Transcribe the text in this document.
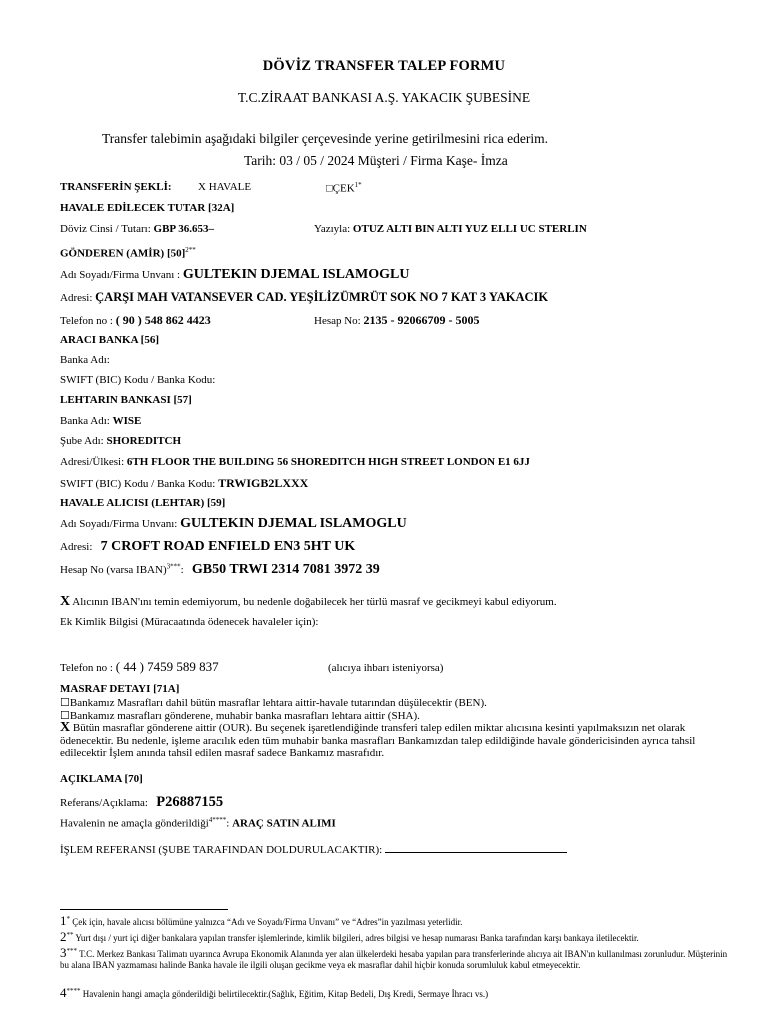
DÖVİZ TRANSFER TALEP FORMU
T.C.ZİRAAT BANKASI A.Ş. YAKACIK ŞUBESİNE
Transfer talebimin aşağıdaki bilgiler çerçevesinde yerine getirilmesini rica ederim.
Tarih: 03 / 05 / 2024 Müşteri / Firma Kaşe- İmza
TRANSFERİN ŞEKLİ: X HAVALE	$□ÇEK^{1*}$
HAVALE EDİLECEK TUTAR [32A]
Döviz Cinsi / Tutarı: GBP 36.653–	Yazıyla: OTUZ ALTI BIN ALTI YUZ ELLI UC STERLIN
GÖNDEREN (AMİR) $[50]^{2**}$
Adı Soyadı/Firma Unvanı : GULTEKIN DJEMAL ISLAMOGLU
Adresi: ÇARŞI MAH VATANSEVER CAD. YEŞİLİZÜMRÜT SOK NO 7 KAT 3 YAKACIK
Telefon no : ( 90 ) 548 862 4423	Hesap No: 2135 - 92066709 - 5005
ARACI BANKA [56]
Banka Adı:
SWIFT (BIC) Kodu / Banka Kodu:
LEHTARIN BANKASI [57]
Banka Adı: WISE
Şube Adı: SHOREDITCH
Adresi/Ülkesi: 6TH FLOOR THE BUILDING 56 SHOREDITCH HIGH STREET LONDON E1 6JJ
SWIFT (BIC) Kodu / Banka Kodu: TRWIGB2LXXX
HAVALE ALICISI (LEHTAR) [59]
Adı Soyadı/Firma Unvanı: GULTEKIN DJEMAL ISLAMOGLU
Adresi: 7 CROFT ROAD ENFIELD EN3 5HT UK
Hesap No (varsa IBAN)$^{3***}$:   GB50 TRWI 2314 7081 3972 39
X Alıcının IBAN'ını temin edemiyorum, bu nedenle doğabilecek her türlü masraf ve gecikmeyi kabul ediyorum.
Ek Kimlik Bilgisi (Müracaatında ödenecek havaleler için):
Telefon no : ( 44 ) 7459 589 837	(alıcıya ihbarı isteniyorsa)
MASRAF DETAYI [71A]
☐Bankamız Masrafları dahil bütün masraflar lehtara aittir-havale tutarından düşülecektir (BEN).
☐Bankamız masrafları gönderene, muhabir banka masrafları lehtara aittir (SHA).
X Bütün masraflar gönderene aittir (OUR). Bu seçenek işaretlendiğinde transferi talep edilen miktar alıcısına kesinti yapılmaksızın net olarak ödenecektir. Bu nedenle, işleme aracılık eden tüm muhabir banka masrafları Bankamızdan talep edildiğinde havale göndericisinden ayrıca tahsil edilecektir İşlem anında tahsil edilen masraf sadece Bankamız masrafıdır.
AÇIKLAMA [70]
Referans/Açıklama: P26887155
Havalenin ne amaçla gönderildiği$^{4****}$: ARAÇ SATIN ALIMI
İŞLEM REFERANSI (ŞUBE TARAFINDAN DOLDURULACAKTIR):
1* Çek için, havale alıcısı bölümüne yalnızca “Adı ve Soyadı/Firma Unvanı” ve “Adres”in yazılması yeterlidir.
2** Yurt dışı / yurt içi diğer bankalara yapılan transfer işlemlerinde, kimlik bilgileri, adres bilgisi ve hesap numarası Banka tarafından karşı bankaya iletilecektir.
3*** T.C. Merkez Bankası Talimatı uyarınca Avrupa Ekonomik Alanında yer alan ülkelerdeki hesaba yapılan para transferlerinde alıcıya ait IBAN'ın kullanılması zorunludur. Müşterinin bu alana IBAN yazmaması halinde Banka havale ile ilgili oluşan gecikme veya ek masraflar dahil hiçbir konuda sorumluluk kabul etmeyecektir.
4**** Havalenin hangi amaçla gönderildiği belirtilecektir.(Sağlık, Eğitim, Kitap Bedeli, Dış Kredi, Sermaye İhracı vs.)
